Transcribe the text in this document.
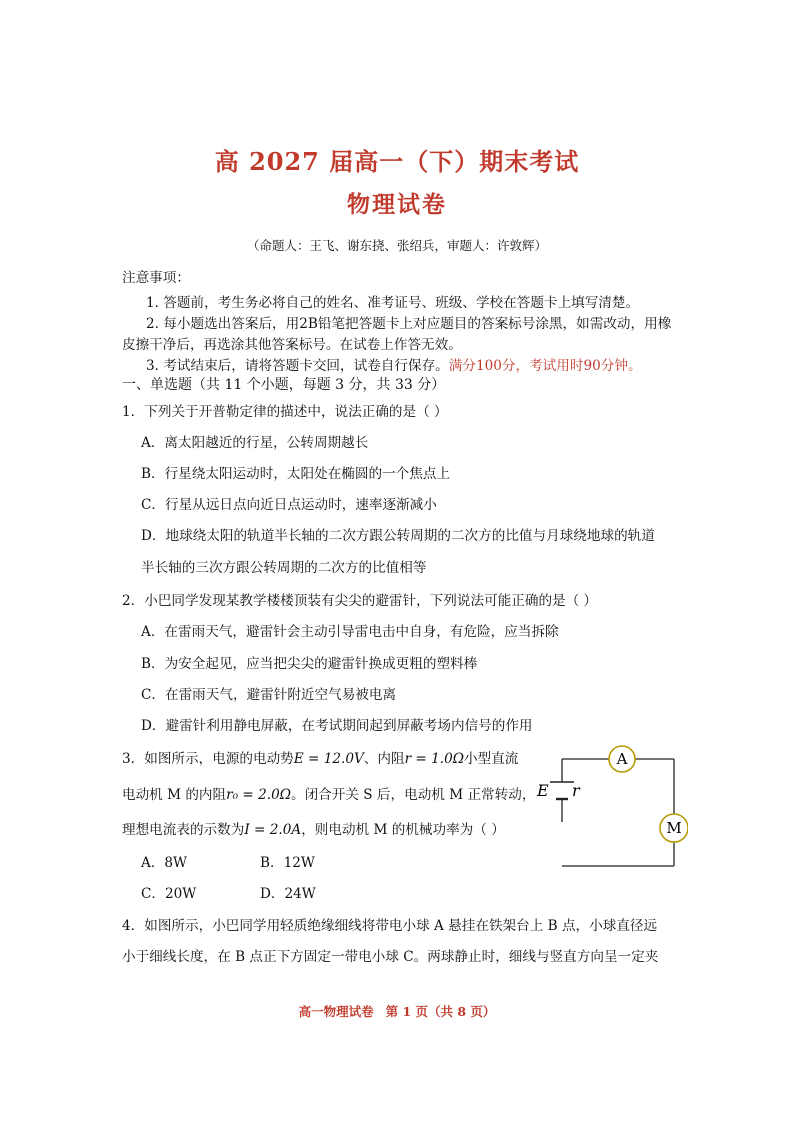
高 2027 届高一（下）期末考试
物理试卷
（命题人：王飞、谢东挠、张绍兵，审题人：许敦辉）
注意事项：
1. 答题前，考生务必将自己的姓名、准考证号、班级、学校在答题卡上填写清楚。
2. 每小题选出答案后，用2B铅笔把答题卡上对应题目的答案标号涂黑，如需改动，用橡
皮擦干净后，再选涂其他答案标号。在试卷上作答无效。
3. 考试结束后，请将答题卡交回，试卷自行保存。满分100分，考试用时90分钟。
一、单选题（共 11 个小题，每题 3 分，共 33 分）
1．下列关于开普勒定律的描述中，说法正确的是（ ）
A．离太阳越近的行星，公转周期越长
B．行星绕太阳运动时，太阳处在椭圆的一个焦点上
C．行星从远日点向近日点运动时，速率逐渐减小
D．地球绕太阳的轨道半长轴的二次方跟公转周期的二次方的比值与月球绕地球的轨道
半长轴的三次方跟公转周期的二次方的比值相等
2．小巴同学发现某教学楼楼顶装有尖尖的避雷针，下列说法可能正确的是（ ）
A．在雷雨天气，避雷针会主动引导雷电击中自身，有危险，应当拆除
B．为安全起见，应当把尖尖的避雷针换成更粗的塑料棒
C．在雷雨天气，避雷针附近空气易被电离
D．避雷针利用静电屏蔽，在考试期间起到屏蔽考场内信号的作用
3．如图所示，电源的电动势E = 12.0V、内阻r = 1.0Ω小型直流
电动机 M 的内阻r₀ = 2.0Ω。闭合开关 S 后，电动机 M 正常转动，
理想电流表的示数为I = 2.0A，则电动机 M 的机械功率为（ ）
A．8W	B．12W
C．20W	D．24W
A
M
E r
4．如图所示，小巴同学用轻质绝缘细线将带电小球 A 悬挂在铁架台上 B 点，小球直径远
小于细线长度，在 B 点正下方固定一带电小球 C。两球静止时，细线与竖直方向呈一定夹
高一物理试卷 第 1 页（共 8 页）
